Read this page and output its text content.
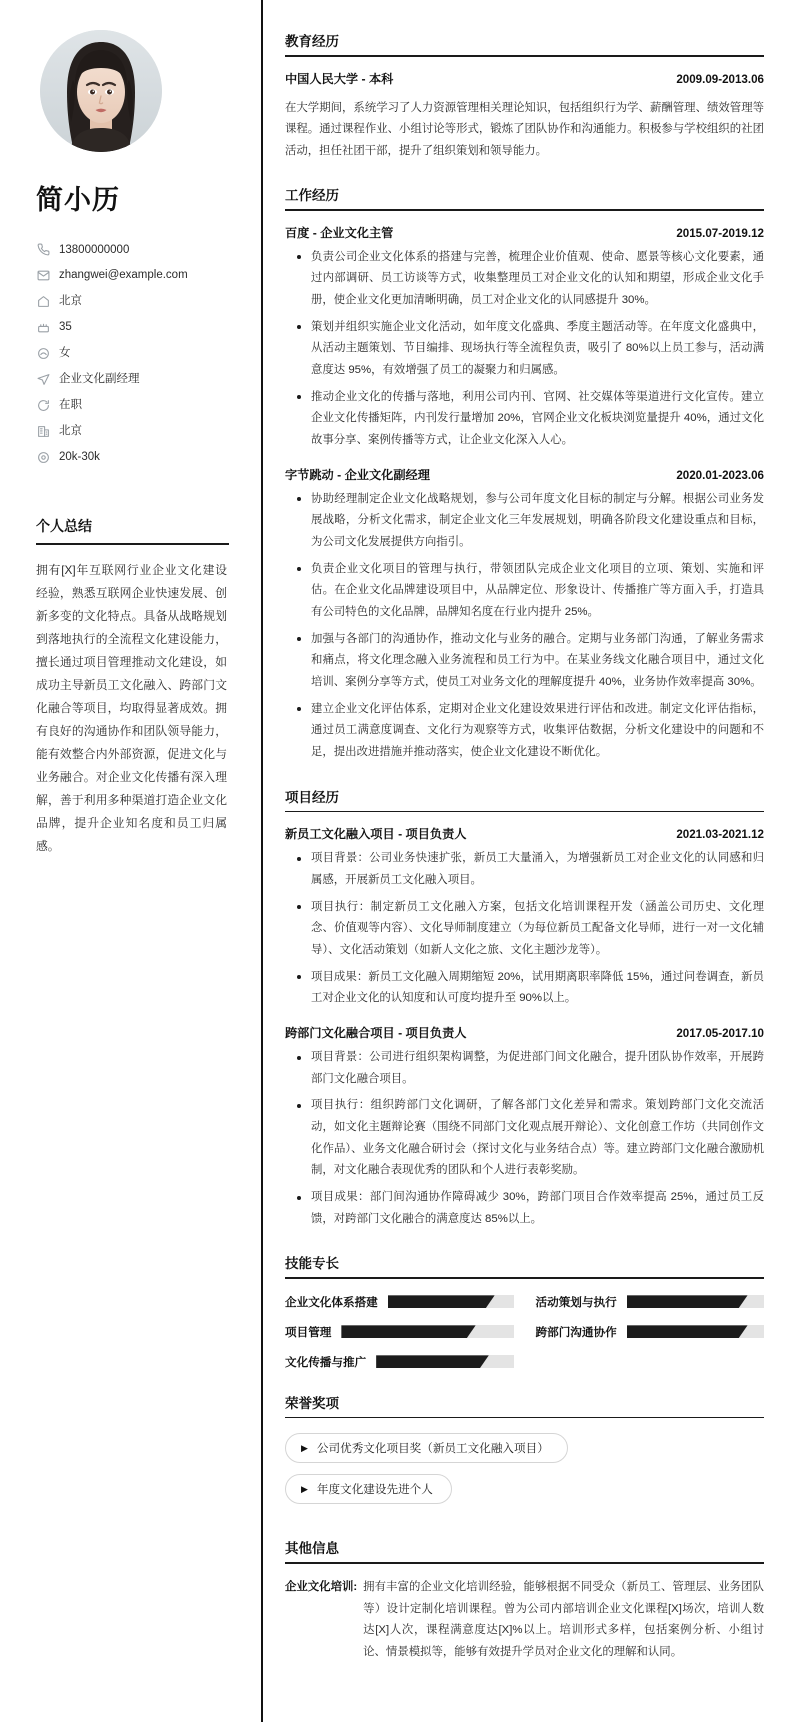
简小历
13800000000
zhangwei@example.com
北京
35
女
企业文化副经理
在职
北京
20k-30k
个人总结

拥有[X]年互联网行业企业文化建设经验，熟悉互联网企业快速发展、创新多变的文化特点。具备从战略规划到落地执行的全流程文化建设能力，擅长通过项目管理推动文化建设，如成功主导新员工文化融入、跨部门文化融合等项目，均取得显著成效。拥有良好的沟通协作和团队领导能力，能有效整合内外部资源，促进文化与业务融合。对企业文化传播有深入理解，善于利用多种渠道打造企业文化品牌，提升企业知名度和员工归属感。

教育经历
中国人民大学 - 本科	2009.09-2013.06

在大学期间，系统学习了人力资源管理相关理论知识，包括组织行为学、薪酬管理、绩效管理等课程。通过课程作业、小组讨论等形式，锻炼了团队协作和沟通能力。积极参与学校组织的社团活动，担任社团干部，提升了组织策划和领导能力。

工作经历
百度 - 企业文化主管	2015.07-2019.12
负责公司企业文化体系的搭建与完善，梳理企业价值观、使命、愿景等核心文化要素，通过内部调研、员工访谈等方式，收集整理员工对企业文化的认知和期望，形成企业文化手册，使企业文化更加清晰明确，员工对企业文化的认同感提升 30%。
策划并组织实施企业文化活动，如年度文化盛典、季度主题活动等。在年度文化盛典中，从活动主题策划、节目编排、现场执行等全流程负责，吸引了 80%以上员工参与，活动满意度达 95%，有效增强了员工的凝聚力和归属感。
推动企业文化的传播与落地，利用公司内刊、官网、社交媒体等渠道进行文化宣传。建立企业文化传播矩阵，内刊发行量增加 20%，官网企业文化板块浏览量提升 40%，通过文化故事分享、案例传播等方式，让企业文化深入人心。
字节跳动 - 企业文化副经理	2020.01-2023.06
协助经理制定企业文化战略规划，参与公司年度文化目标的制定与分解。根据公司业务发展战略，分析文化需求，制定企业文化三年发展规划，明确各阶段文化建设重点和目标，为公司文化发展提供方向指引。
负责企业文化项目的管理与执行，带领团队完成企业文化项目的立项、策划、实施和评估。在企业文化品牌建设项目中，从品牌定位、形象设计、传播推广等方面入手，打造具有公司特色的文化品牌，品牌知名度在行业内提升 25%。
加强与各部门的沟通协作，推动文化与业务的融合。定期与业务部门沟通，了解业务需求和痛点，将文化理念融入业务流程和员工行为中。在某业务线文化融合项目中，通过文化培训、案例分享等方式，使员工对业务文化的理解度提升 40%，业务协作效率提高 30%。
建立企业文化评估体系，定期对企业文化建设效果进行评估和改进。制定文化评估指标，通过员工满意度调查、文化行为观察等方式，收集评估数据，分析文化建设中的问题和不足，提出改进措施并推动落实，使企业文化建设不断优化。
项目经历
新员工文化融入项目 - 项目负责人	2021.03-2021.12
项目背景：公司业务快速扩张，新员工大量涌入，为增强新员工对企业文化的认同感和归属感，开展新员工文化融入项目。
项目执行：制定新员工文化融入方案，包括文化培训课程开发（涵盖公司历史、文化理念、价值观等内容）、文化导师制度建立（为每位新员工配备文化导师，进行一对一文化辅导）、文化活动策划（如新人文化之旅、文化主题沙龙等）。
项目成果：新员工文化融入周期缩短 20%，试用期离职率降低 15%，通过问卷调查，新员工对企业文化的认知度和认可度均提升至 90%以上。
跨部门文化融合项目 - 项目负责人	2017.05-2017.10
项目背景：公司进行组织架构调整，为促进部门间文化融合，提升团队协作效率，开展跨部门文化融合项目。
项目执行：组织跨部门文化调研，了解各部门文化差异和需求。策划跨部门文化交流活动，如文化主题辩论赛（围绕不同部门文化观点展开辩论）、文化创意工作坊（共同创作文化作品）、业务文化融合研讨会（探讨文化与业务结合点）等。建立跨部门文化融合激励机制，对文化融合表现优秀的团队和个人进行表彰奖励。
项目成果：部门间沟通协作障碍减少 30%，跨部门项目合作效率提高 25%，通过员工反馈，对跨部门文化融合的满意度达 85%以上。
技能专长
企业文化体系搭建	活动策划与执行
项目管理	跨部门沟通协作
文化传播与推广
荣誉奖项
▶ 公司优秀文化项目奖（新员工文化融入项目）
▶ 年度文化建设先进个人
其他信息
企业文化培训: 拥有丰富的企业文化培训经验，能够根据不同受众（新员工、管理层、业务团队等）设计定制化培训课程。曾为公司内部培训企业文化课程[X]场次，培训人数达[X]人次，课程满意度达[X]%以上。培训形式多样，包括案例分析、小组讨论、情景模拟等，能够有效提升学员对企业文化的理解和认同。
